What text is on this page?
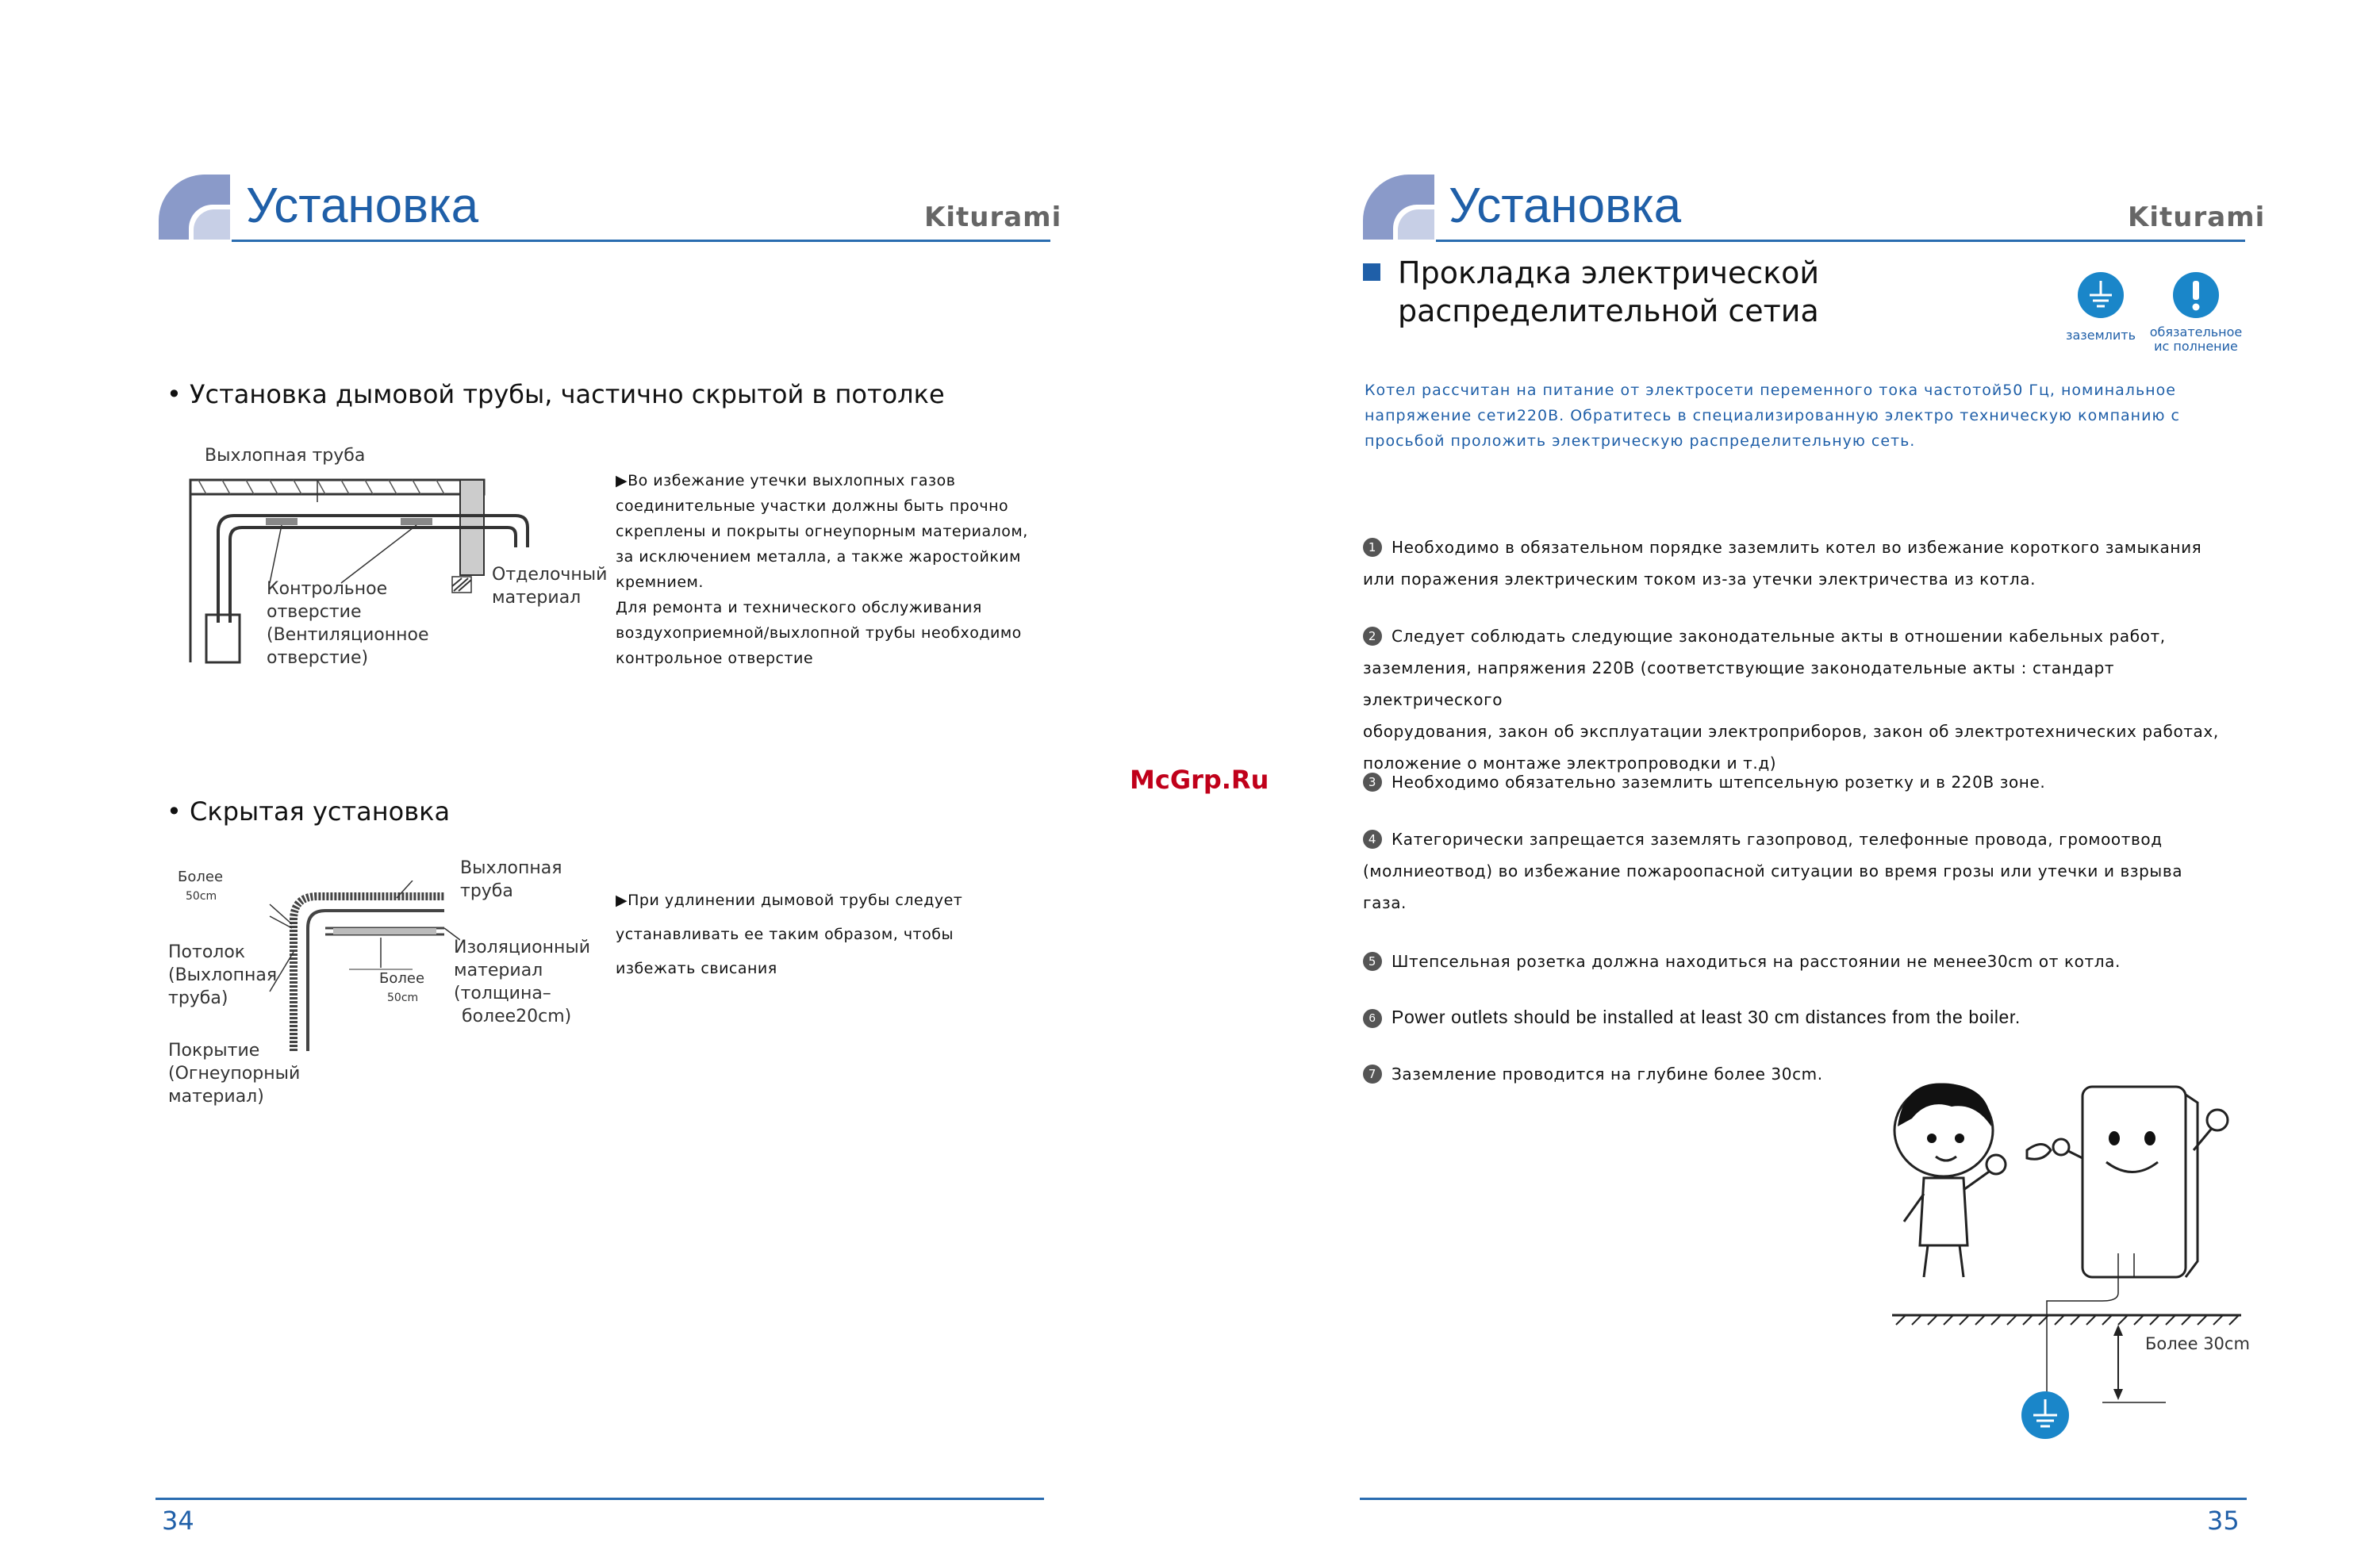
Установка	Kiturami
• Установка дымовой трубы, частично скрытой в потолке
Выхлопная труба
Контрольное
отверстие
(Вентиляционное
отверстие)
Отделочный
материал
▶Во избежание утечки выхлопных газов
соединительные участки должны быть прочно
скреплены и покрыты огнеупорным материалом,
за исключением металла, а также жаростойким
кремнием.
Для ремонта и технического обслуживания
воздухоприемной/выхлопной трубы необходимо
контрольное отверстие
• Скрытая установка
Более
50cm
Потолок
(Выхлопная
труба)
Покрытие
(Огнеупорный
материал)
Выхлопная
труба
Изоляционный
материал
(толщина–
более20cm)
Более
50cm
▶При удлинении дымовой трубы следует
устанавливать ее таким образом, чтобы
избежать свисания
34
McGrp.Ru
Установка	Kiturami
Прокладка электрической
распределительной сетиа
заземлить	обязательное
ис полнение
Котел рассчитан на питание от электросети переменного тока частотой50 Гц, номинальное
напряжение сети220В. Обратитесь в специализированную электро техническую компанию с
просьбой проложить электрическую распределительную сеть.
1 Необходимо в обязательном порядке заземлить котел во избежание короткого замыкания
или поражения электрическим током из-за утечки электричества из котла.
2 Следует соблюдать следующие законодательные акты в отношении кабельных работ,
заземления, напряжения 220В (соответствующие законодательные акты : стандарт электрического
оборудования, закон об эксплуатации электроприборов, закон об электротехнических работах,
положение о монтаже электропроводки и т.д)
3 Необходимо обязательно заземлить штепсельную розетку и в 220В зоне.
4 Категорически запрещается заземлять газопровод, телефонные провода, громоотвод
(молниеотвод) во избежание пожароопасной ситуации во время грозы или утечки и взрыва
газа.
5 Штепсельная розетка должна находиться на расстоянии не менее30cm от котла.
6 Power outlets should be installed at least 30 cm distances from the boiler.
7 Заземление проводится на глубине более 30cm.
Более 30cm
35
